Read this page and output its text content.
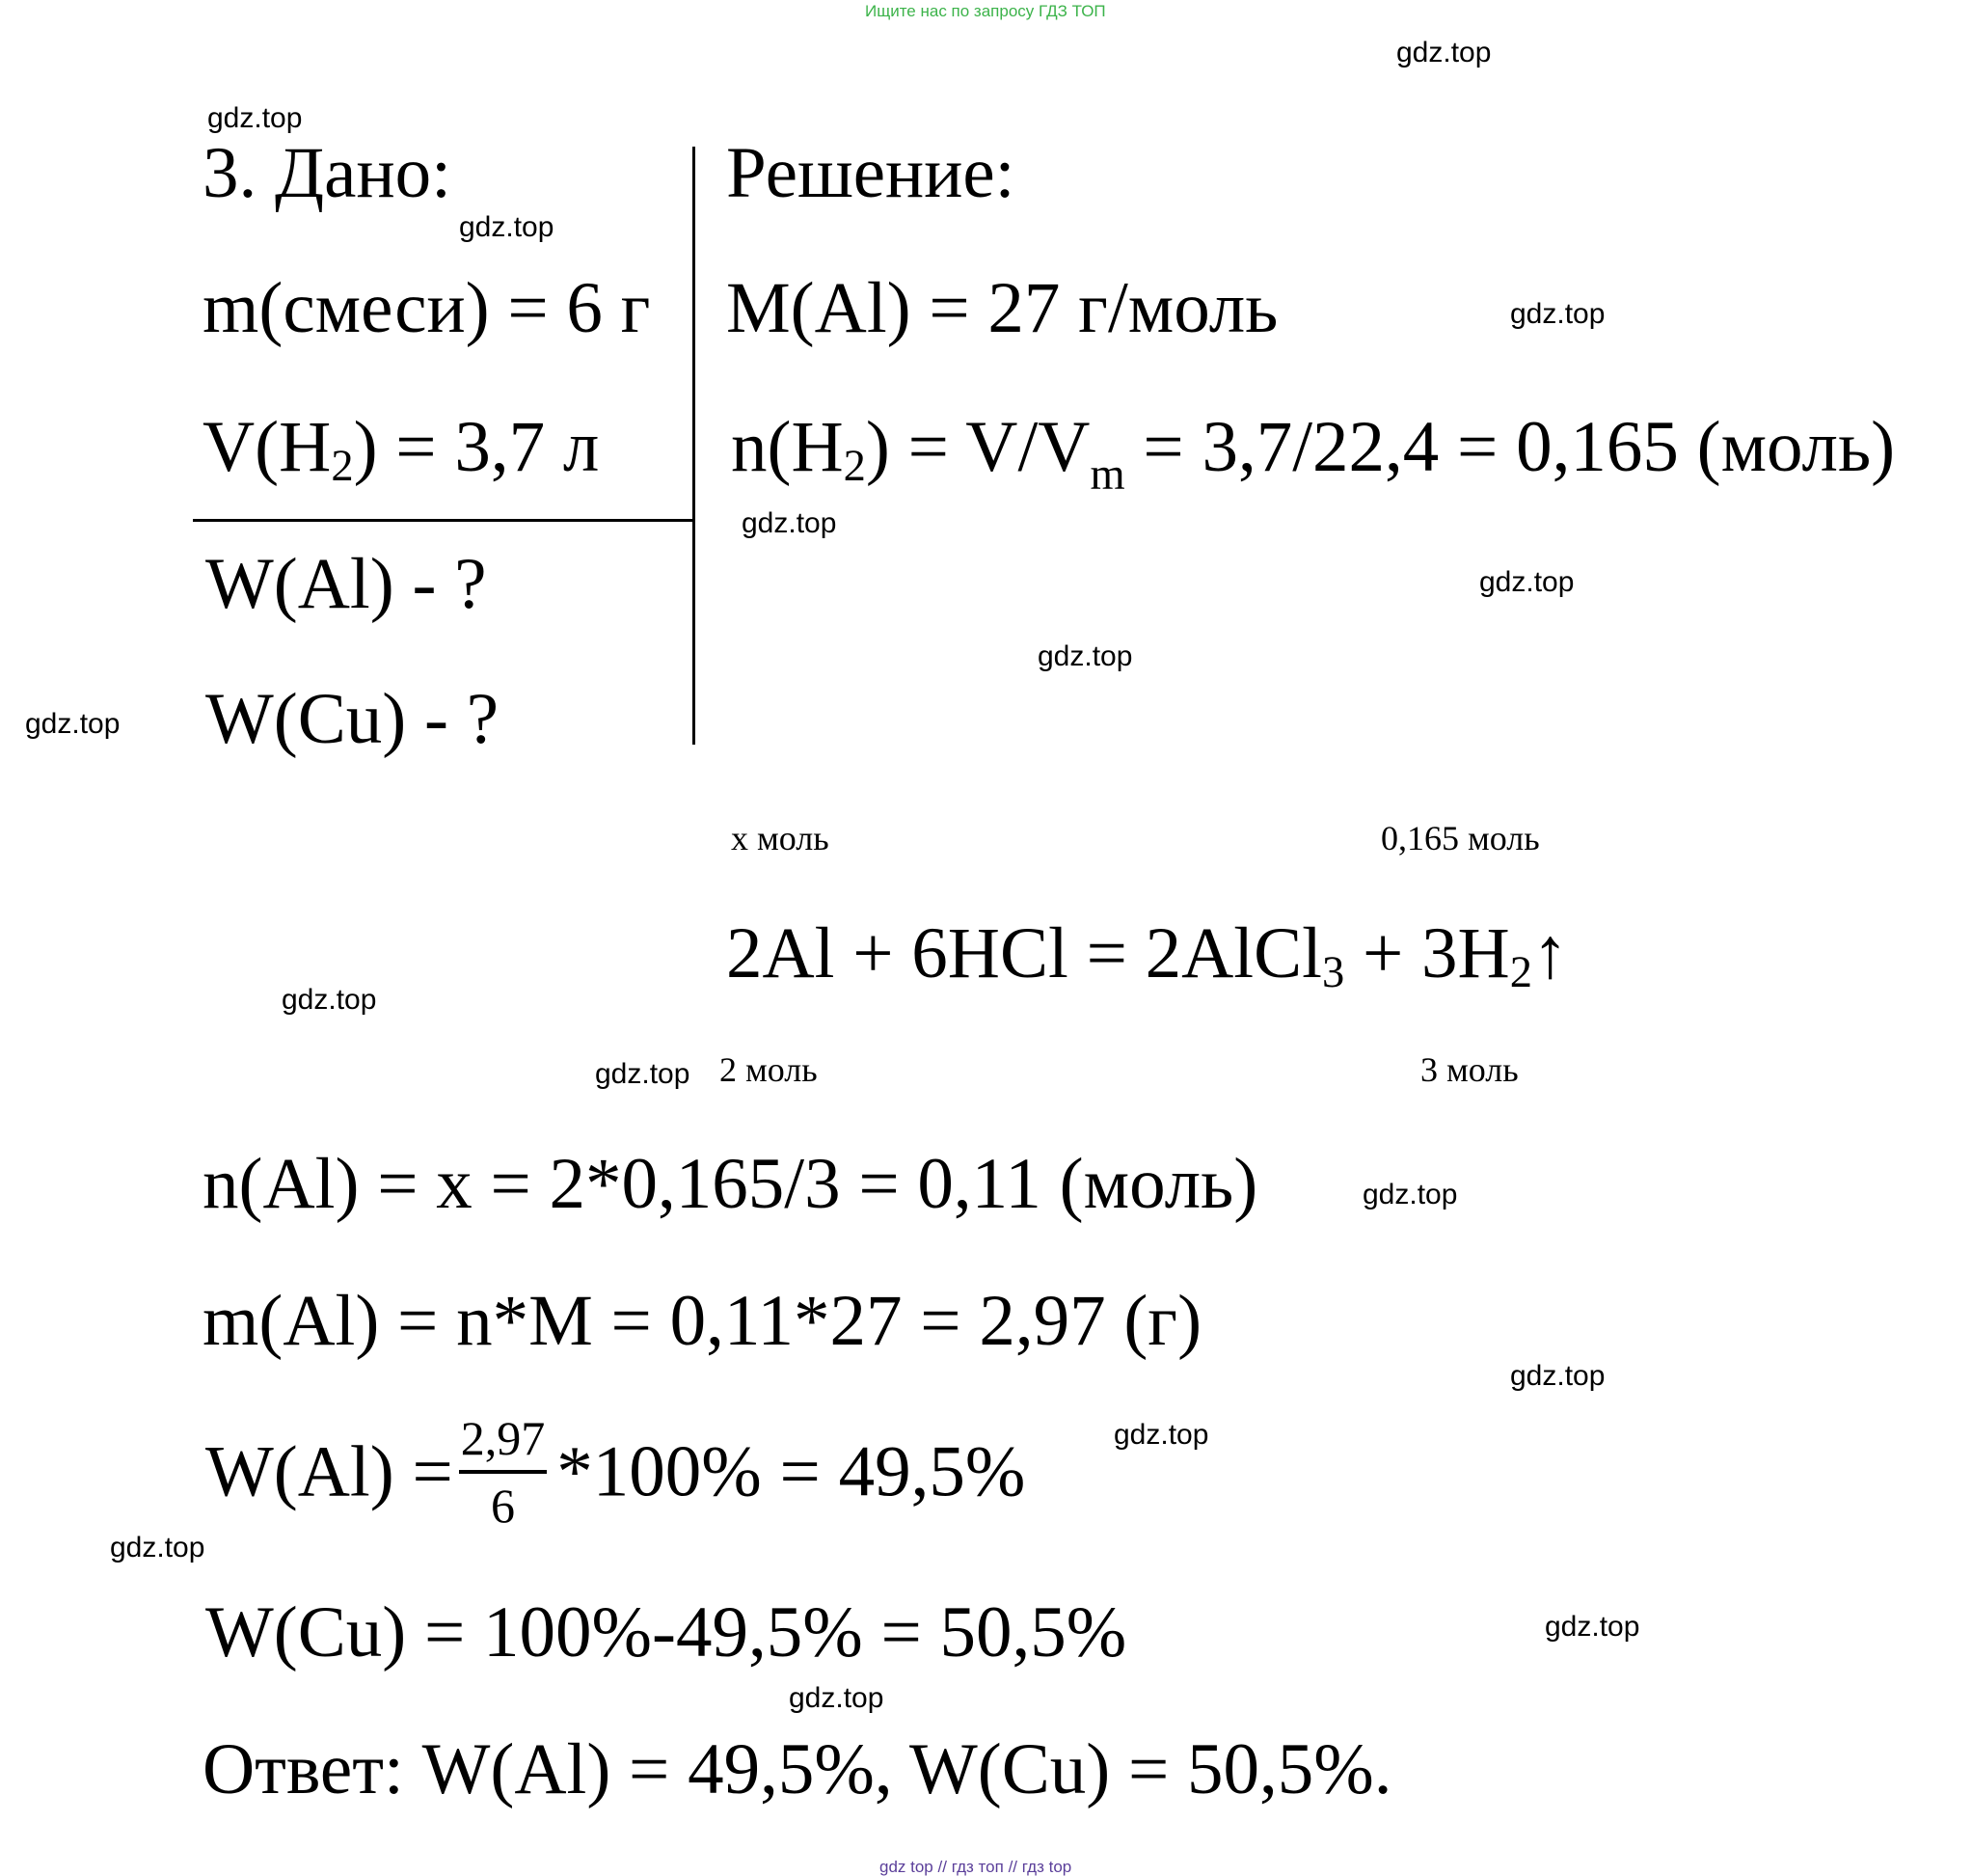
Ищите нас по запросу ГДЗ ТОП
gdz.top
gdz.top
gdz.top
gdz.top
gdz.top
gdz.top
gdz.top
gdz.top
gdz.top
gdz.top
gdz.top
gdz.top
gdz.top
gdz.top
gdz.top
gdz.top
3. Дано:
m(смеси) = 6 г
$V(H_2) = 3,7$ л
W(Al) - ?
W(Cu) - ?
Решение:
M(Al) = 27 г/моль
$n(H_2) = V/V_m = 3,7/22,4 = 0,165$ (моль)
х моль	0,165 моль
2Al + 6HCl = 2AlCl$_3$ + $3H_2↑$
2 моль	3 моль
n(Al) = x = 2*0,165/3 = 0,11 (моль)
m(Al) = n*M = 0,11*27 = 2,97 (г)
$W(Al) = \frac{2,97}{6} *100\% = 49,5\%$
W(Cu) = 100%-49,5% = 50,5%
Ответ: W(Al) = 49,5%, W(Cu) = 50,5%.
gdz top // гдз топ // гдз top
